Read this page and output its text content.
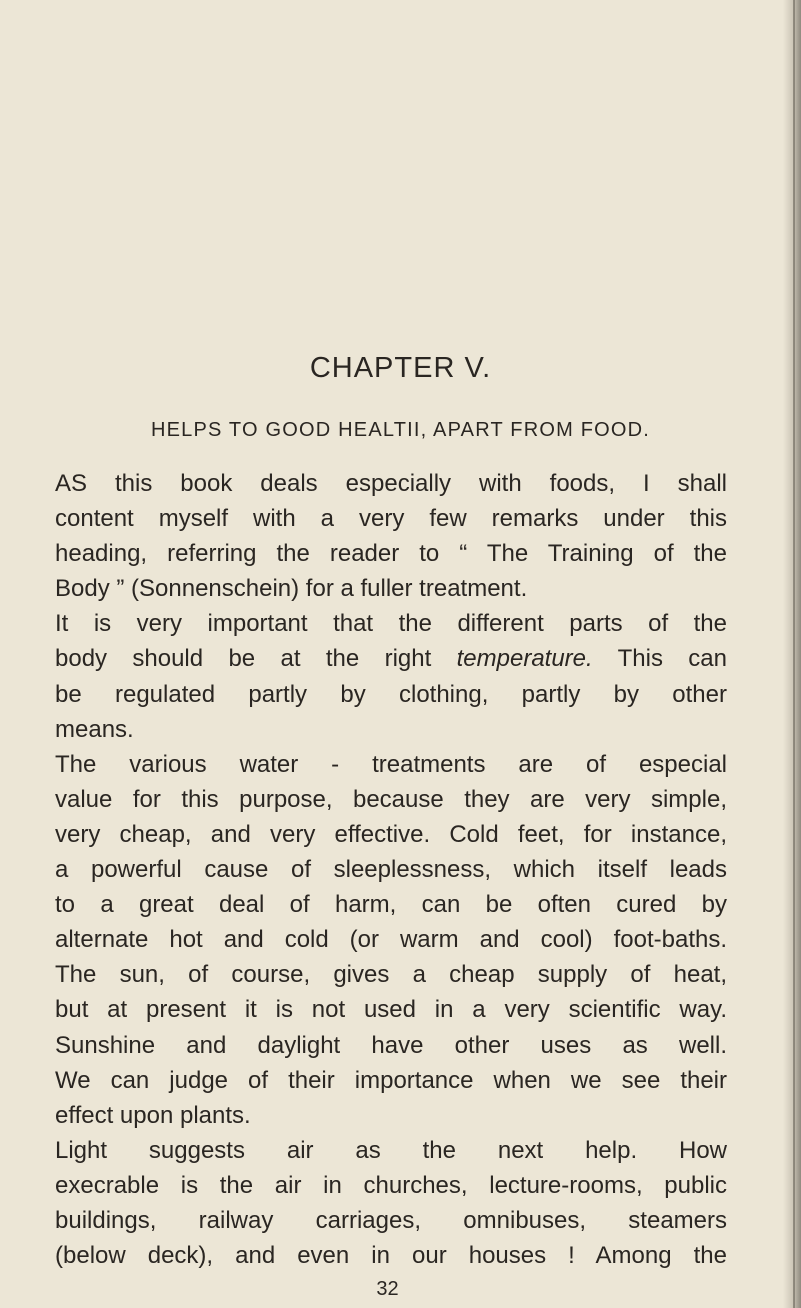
CHAPTER V.
HELPS TO GOOD HEALTII, APART FROM FOOD.
AS this book deals especially with foods, I shall
content myself with a very few remarks under this
heading, referring the reader to “ The Training of the
Body ” (Sonnenschein) for a fuller treatment.
It is very important that the different parts of the
body should be at the right temperature. This can
be regulated partly by clothing, partly by other
means.
The various water - treatments are of especial
value for this purpose, because they are very simple,
very cheap, and very effective. Cold feet, for instance,
a powerful cause of sleeplessness, which itself leads
to a great deal of harm, can be often cured by
alternate hot and cold (or warm and cool) foot-baths.
The sun, of course, gives a cheap supply of heat,
but at present it is not used in a very scientific way.
Sunshine and daylight have other uses as well.
We can judge of their importance when we see their
effect upon plants.
Light suggests air as the next help. How
execrable is the air in churches, lecture-rooms, public
buildings, railway carriages, omnibuses, steamers
(below deck), and even in our houses ! Among the
32
